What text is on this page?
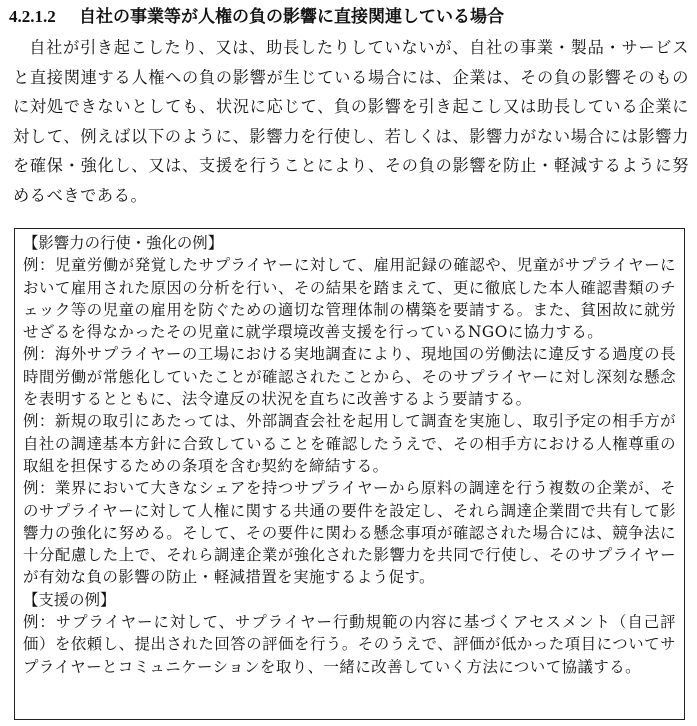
4.2.1.2 自社の事業等が人権の負の影響に直接関連している場合

自社が引き起こしたり、又は、助長したりしていないが、自社の事業・製品・サービスと直接関連する人権への負の影響が生じている場合には、企業は、その負の影響そのものに対処できないとしても、状況に応じて、負の影響を引き起こし又は助長している企業に対して、例えば以下のように、影響力を行使し、若しくは、影響力がない場合には影響力を確保・強化し、又は、支援を行うことにより、その負の影響を防止・軽減するように努めるべきである。

【影響力の行使・強化の例】

例：児童労働が発覚したサプライヤーに対して、雇用記録の確認や、児童がサプライヤーにおいて雇用された原因の分析を行い、その結果を踏まえて、更に徹底した本人確認書類のチェック等の児童の雇用を防ぐための適切な管理体制の構築を要請する。また、貧困故に就労せざるを得なかったその児童に就学環境改善支援を行っているNGOに協力する。

例：海外サプライヤーの工場における実地調査により、現地国の労働法に違反する過度の長時間労働が常態化していたことが確認されたことから、そのサプライヤーに対し深刻な懸念を表明するとともに、法令違反の状況を直ちに改善するよう要請する。

例：新規の取引にあたっては、外部調査会社を起用して調査を実施し、取引予定の相手方が自社の調達基本方針に合致していることを確認したうえで、その相手方における人権尊重の取組を担保するための条項を含む契約を締結する。

例：業界において大きなシェアを持つサプライヤーから原料の調達を行う複数の企業が、そのサプライヤーに対して人権に関する共通の要件を設定し、それら調達企業間で共有して影響力の強化に努める。そして、その要件に関わる懸念事項が確認された場合には、競争法に十分配慮した上で、それら調達企業が強化された影響力を共同で行使し、そのサプライヤーが有効な負の影響の防止・軽減措置を実施するよう促す。

【支援の例】

例：サプライヤーに対して、サプライヤー行動規範の内容に基づくアセスメント（自己評価）を依頼し、提出された回答の評価を行う。そのうえで、評価が低かった項目についてサプライヤーとコミュニケーションを取り、一緒に改善していく方法について協議する。
